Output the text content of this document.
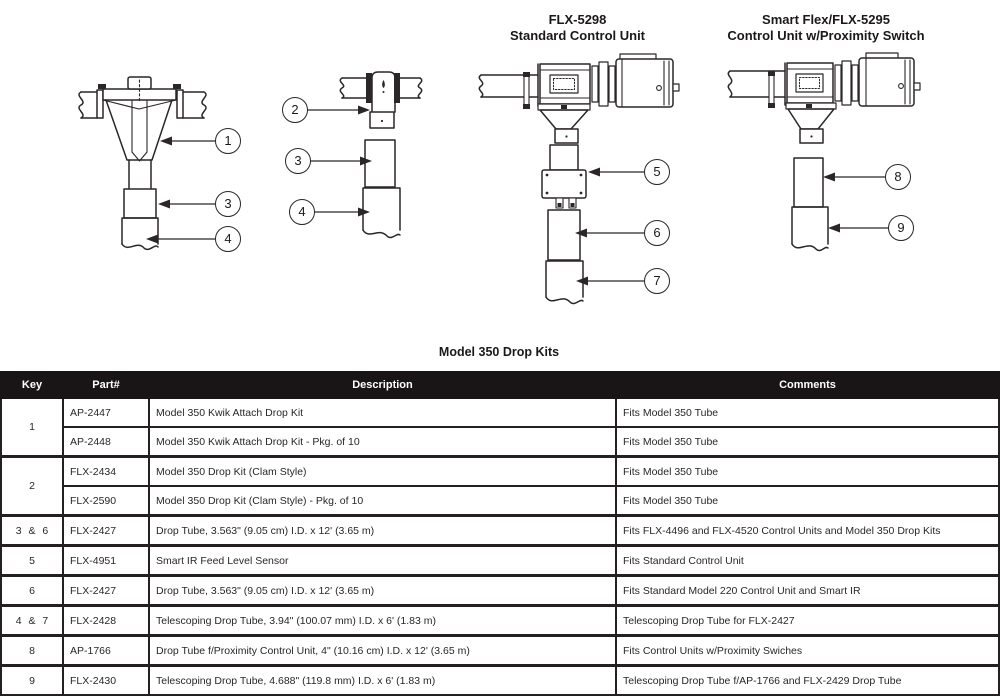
FLX-5298
Standard Control Unit
Smart Flex/FLX-5295
Control Unit w/Proximity Switch
1
3
4
2
3
4
5
6
7
8
9
Model 350 Drop Kits
Key	Part#	Description	Comments
1	AP-2447	Model 350 Kwik Attach Drop Kit	Fits Model 350 Tube
	AP-2448	Model 350 Kwik Attach Drop Kit - Pkg. of 10	Fits Model 350 Tube
2	FLX-2434	Model 350 Drop Kit (Clam Style)	Fits Model 350 Tube
	FLX-2590	Model 350 Drop Kit (Clam Style) - Pkg. of 10	Fits Model 350 Tube
3 & 6	FLX-2427	Drop Tube, 3.563" (9.05 cm) I.D. x 12' (3.65 m)	Fits FLX-4496 and FLX-4520 Control Units and Model 350 Drop Kits
5	FLX-4951	Smart IR Feed Level Sensor	Fits Standard Control Unit
6	FLX-2427	Drop Tube, 3.563" (9.05 cm) I.D. x 12' (3.65 m)	Fits Standard Model 220 Control Unit and Smart IR
4 & 7	FLX-2428	Telescoping Drop Tube, 3.94" (100.07 mm) I.D. x 6' (1.83 m)	Telescoping Drop Tube for FLX-2427
8	AP-1766	Drop Tube f/Proximity Control Unit, 4" (10.16 cm) I.D. x 12' (3.65 m)	Fits Control Units w/Proximity Swiches
9	FLX-2430	Telescoping Drop Tube, 4.688" (119.8 mm) I.D. x 6' (1.83 m)	Telescoping Drop Tube f/AP-1766 and FLX-2429 Drop Tube
